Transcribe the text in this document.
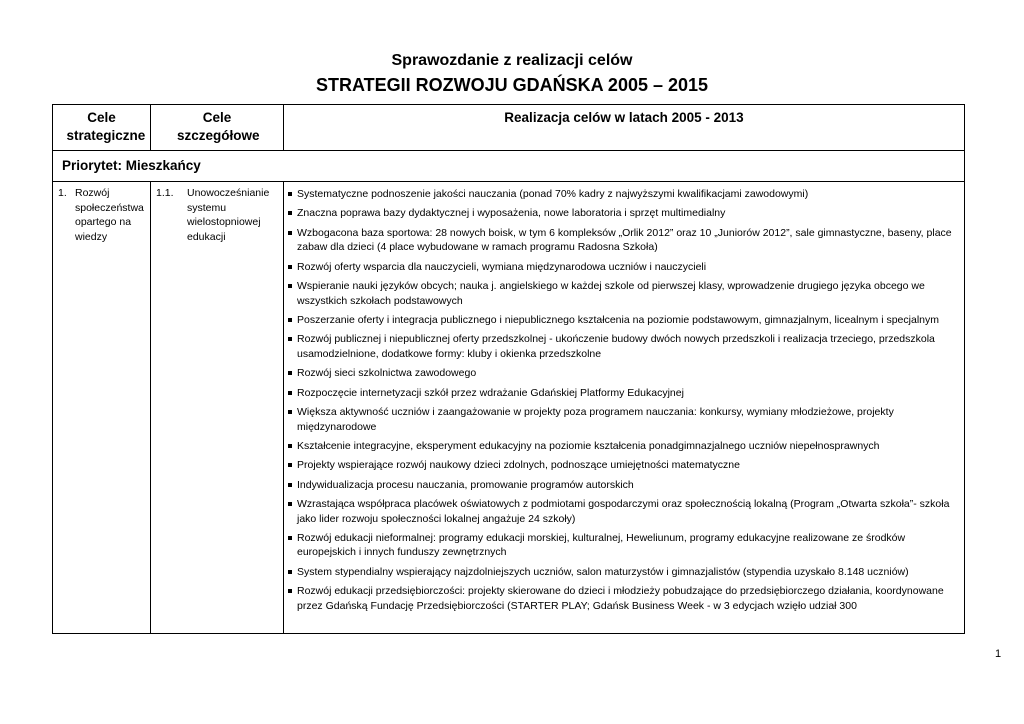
Sprawozdanie z realizacji celów
STRATEGII ROZWOJU GDAŃSKA 2005 – 2015
Cele strategiczne
Cele szczegółowe
Realizacja celów w latach 2005 - 2013
Priorytet: Mieszkańcy
1. Rozwój społeczeństwa opartego na wiedzy
1.1. Unowocześnianie systemu wielostopniowej edukacji
Systematyczne podnoszenie jakości nauczania (ponad 70% kadry z najwyższymi kwalifikacjami zawodowymi)
Znaczna poprawa bazy dydaktycznej i wyposażenia, nowe laboratoria i sprzęt multimedialny
Wzbogacona baza sportowa: 28 nowych boisk, w tym 6 kompleksów „Orlik 2012” oraz 10 „Juniorów 2012”, sale gimnastyczne, baseny, place zabaw dla dzieci (4 place wybudowane w ramach programu Radosna Szkoła)
Rozwój oferty wsparcia dla nauczycieli, wymiana międzynarodowa uczniów i nauczycieli
Wspieranie nauki języków obcych; nauka j. angielskiego w każdej szkole od pierwszej klasy, wprowadzenie drugiego języka obcego we wszystkich szkołach podstawowych
Poszerzanie oferty i integracja publicznego i niepublicznego kształcenia na poziomie podstawowym, gimnazjalnym, licealnym i specjalnym
Rozwój publicznej i niepublicznej oferty przedszkolnej - ukończenie budowy dwóch nowych przedszkoli i realizacja trzeciego, przedszkola usamodzielnione, dodatkowe formy: kluby i okienka przedszkolne
Rozwój sieci szkolnictwa zawodowego
Rozpoczęcie internetyzacji szkół przez wdrażanie Gdańskiej Platformy Edukacyjnej
Większa aktywność uczniów i zaangażowanie w projekty poza programem nauczania: konkursy, wymiany młodzieżowe, projekty międzynarodowe
Kształcenie integracyjne, eksperyment edukacyjny na poziomie kształcenia ponadgimnazjalnego uczniów niepełnosprawnych
Projekty wspierające rozwój naukowy dzieci zdolnych, podnoszące umiejętności matematyczne
Indywidualizacja procesu nauczania, promowanie programów autorskich
Wzrastająca współpraca placówek oświatowych z podmiotami gospodarczymi oraz społecznością lokalną (Program „Otwarta szkoła”- szkoła jako lider rozwoju społeczności lokalnej angażuje 24 szkoły)
Rozwój edukacji nieformalnej: programy edukacji morskiej, kulturalnej, Heweliunum, programy edukacyjne realizowane ze środków europejskich i innych funduszy zewnętrznych
System stypendialny wspierający najzdolniejszych uczniów, salon maturzystów i gimnazjalistów (stypendia uzyskało 8.148 uczniów)
Rozwój edukacji przedsiębiorczości: projekty skierowane do dzieci i młodzieży pobudzające do przedsiębiorczego działania, koordynowane przez Gdańską Fundację Przedsiębiorczości (STARTER PLAY; Gdańsk Business Week - w 3 edycjach wzięło udział 300
1
